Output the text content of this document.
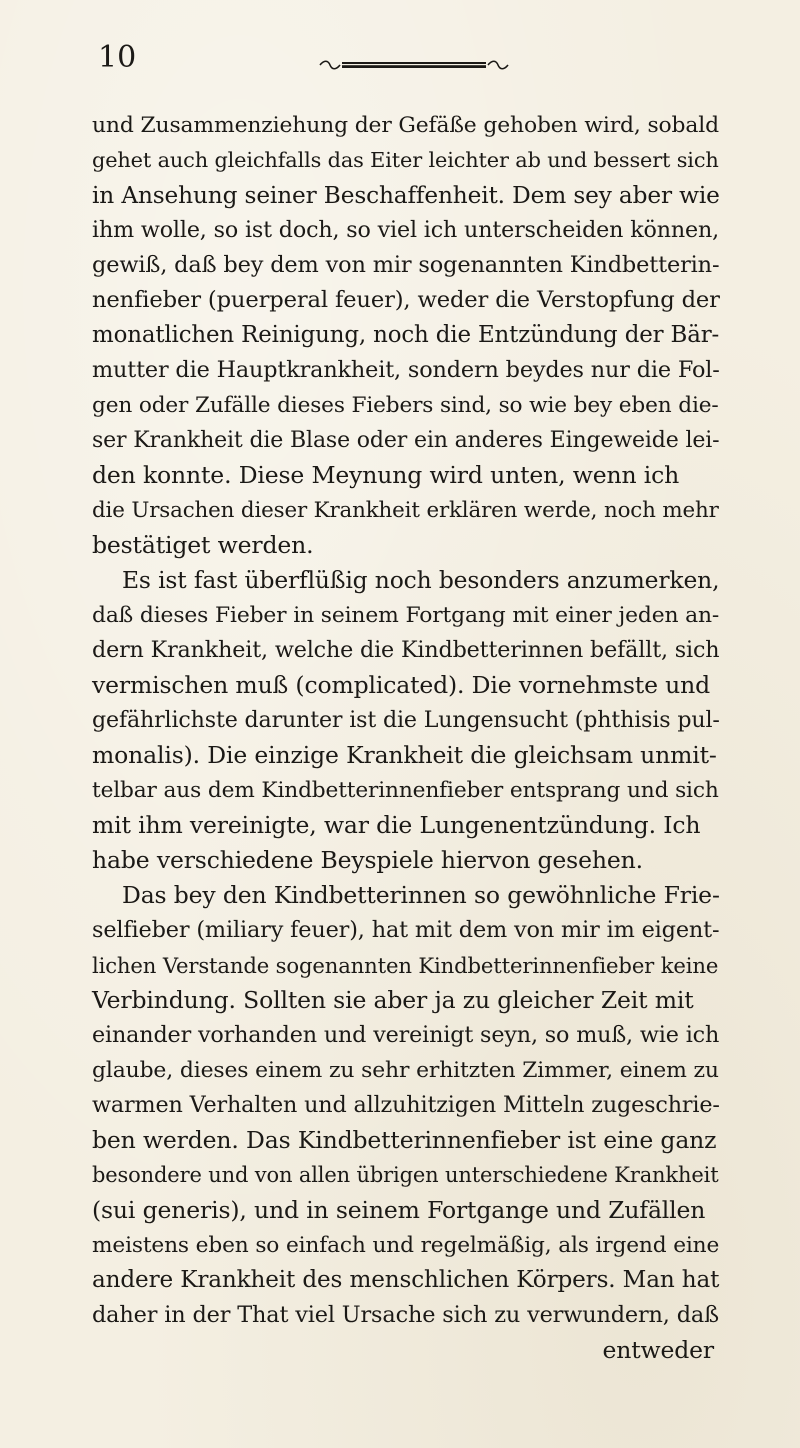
10
und Zusammenziehung der Gefäße gehoben wird, sobald
gehet auch gleichfalls das Eiter leichter ab und bessert sich
in Ansehung seiner Beschaffenheit. Dem sey aber wie
ihm wolle, so ist doch, so viel ich unterscheiden können,
gewiß, daß bey dem von mir sogenannten Kindbetterin-
nenfieber (puerperal feuer), weder die Verstopfung der
monatlichen Reinigung, noch die Entzündung der Bär-
mutter die Hauptkrankheit, sondern beydes nur die Fol-
gen oder Zufälle dieses Fiebers sind, so wie bey eben die-
ser Krankheit die Blase oder ein anderes Eingeweide lei-
den konnte. Diese Meynung wird unten, wenn ich
die Ursachen dieser Krankheit erklären werde, noch mehr
bestätiget werden.
Es ist fast überflüßig noch besonders anzumerken,
daß dieses Fieber in seinem Fortgang mit einer jeden an-
dern Krankheit, welche die Kindbetterinnen befällt, sich
vermischen muß (complicated). Die vornehmste und
gefährlichste darunter ist die Lungensucht (phthisis pul-
monalis). Die einzige Krankheit die gleichsam unmit-
telbar aus dem Kindbetterinnenfieber entsprang und sich
mit ihm vereinigte, war die Lungenentzündung. Ich
habe verschiedene Beyspiele hiervon gesehen.
Das bey den Kindbetterinnen so gewöhnliche Frie-
selfieber (miliary feuer), hat mit dem von mir im eigent-
lichen Verstande sogenannten Kindbetterinnenfieber keine
Verbindung. Sollten sie aber ja zu gleicher Zeit mit
einander vorhanden und vereinigt seyn, so muß, wie ich
glaube, dieses einem zu sehr erhitzten Zimmer, einem zu
warmen Verhalten und allzuhitzigen Mitteln zugeschrie-
ben werden. Das Kindbetterinnenfieber ist eine ganz
besondere und von allen übrigen unterschiedene Krankheit
(sui generis), und in seinem Fortgange und Zufällen
meistens eben so einfach und regelmäßig, als irgend eine
andere Krankheit des menschlichen Körpers. Man hat
daher in der That viel Ursache sich zu verwundern, daß
entweder
